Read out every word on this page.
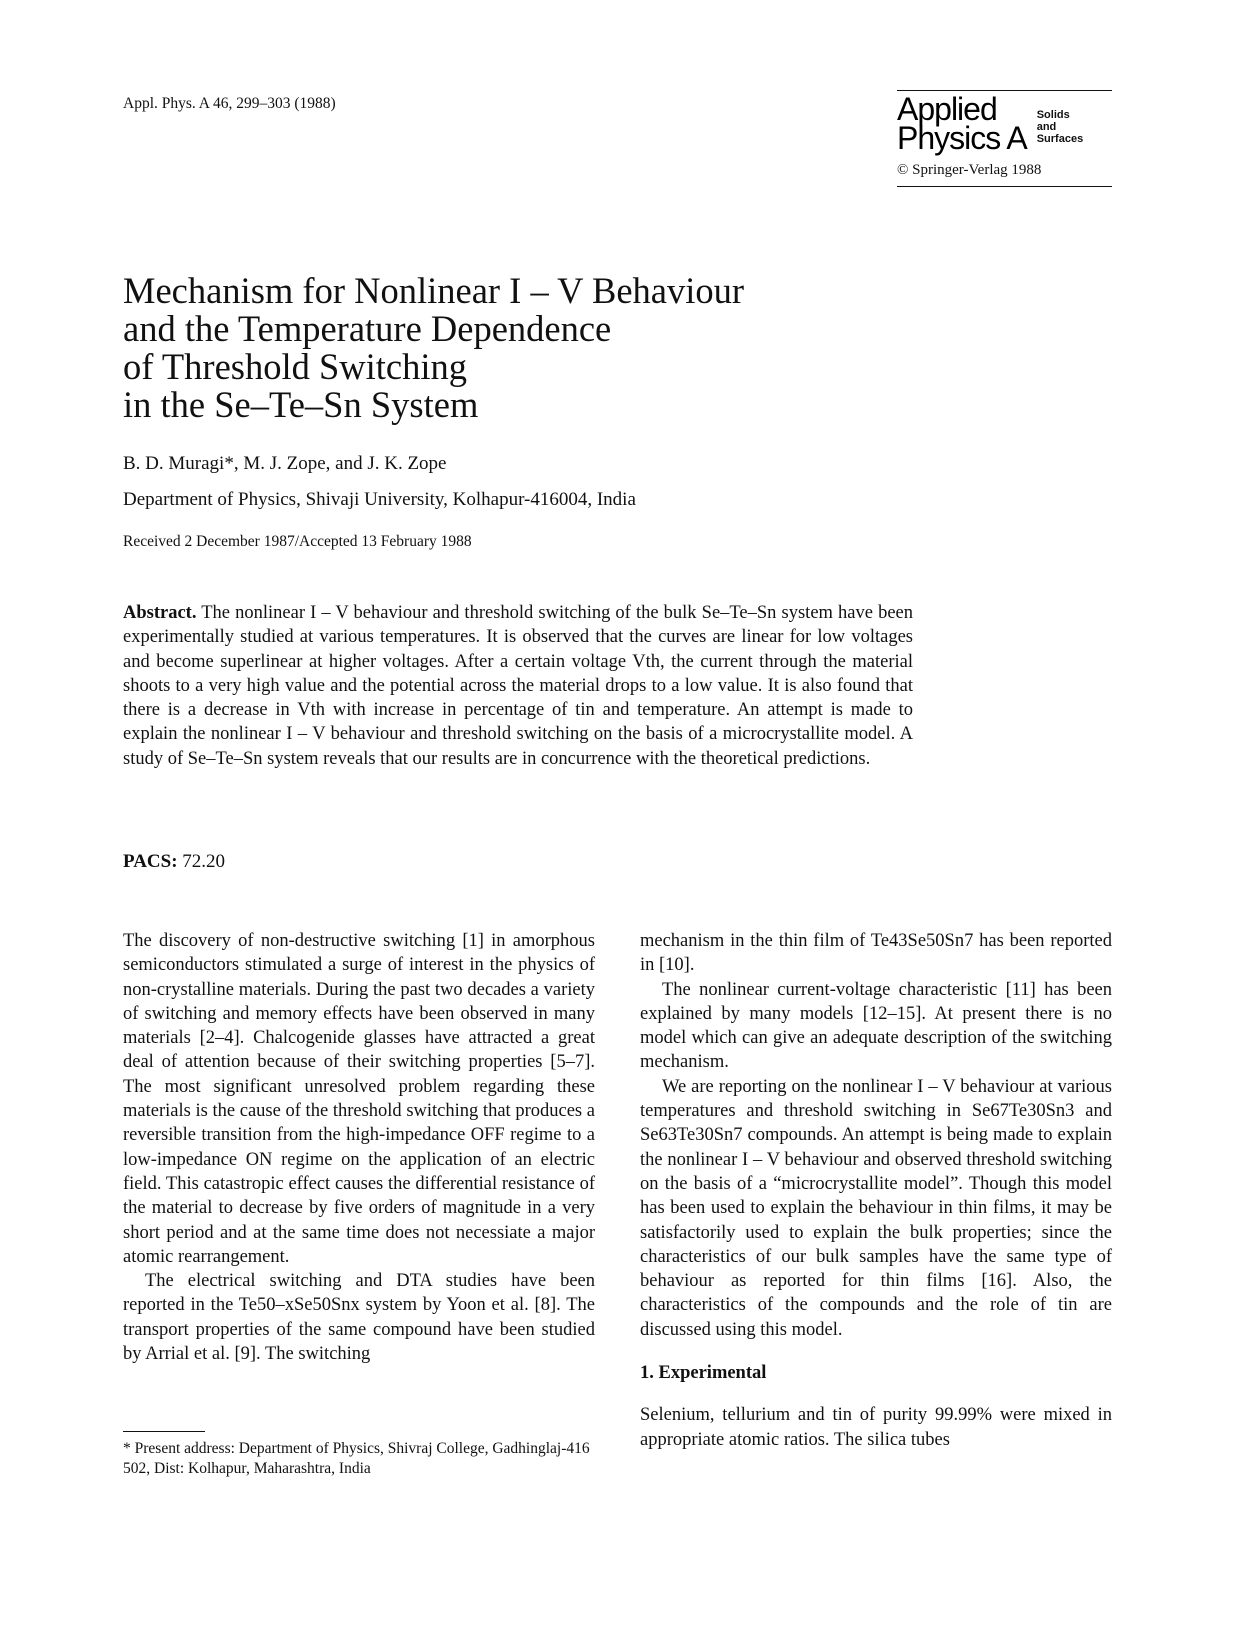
Appl. Phys. A 46, 299–303 (1988)	Applied
Physics A
Solids
and
Surfaces
© Springer-Verlag 1988
Mechanism for Nonlinear I – V Behaviour
and the Temperature Dependence
of Threshold Switching
in the Se–Te–Sn System
B. D. Muragi*, M. J. Zope, and J. K. Zope
Department of Physics, Shivaji University, Kolhapur-416004, India
Received 2 December 1987/Accepted 13 February 1988

Abstract. The nonlinear I – V behaviour and threshold switching of the bulk Se–Te–Sn system have been experimentally studied at various temperatures. It is observed that the curves are linear for low voltages and become superlinear at higher voltages. After a certain voltage Vth, the current through the material shoots to a very high value and the potential across the material drops to a low value. It is also found that there is a decrease in Vth with increase in percentage of tin and temperature. An attempt is made to explain the nonlinear I – V behaviour and threshold switching on the basis of a microcrystallite model. A study of Se–Te–Sn system reveals that our results are in concurrence with the theoretical predictions.

PACS: 72.20

The discovery of non-destructive switching [1] in amorphous semiconductors stimulated a surge of interest in the physics of non-crystalline materials. During the past two decades a variety of switching and memory effects have been observed in many materials [2–4]. Chalcogenide glasses have attracted a great deal of attention because of their switching properties [5–7]. The most significant unresolved problem regarding these materials is the cause of the threshold switching that produces a reversible transition from the high-impedance OFF regime to a low-impedance ON regime on the application of an electric field. This catastropic effect causes the differential resistance of the material to decrease by five orders of magnitude in a very short period and at the same time does not necessiate a major atomic rearrangement.

The electrical switching and DTA studies have been reported in the Te50–xSe50Snx system by Yoon et al. [8]. The transport properties of the same compound have been studied by Arrial et al. [9]. The switching

mechanism in the thin film of Te43Se50Sn7 has been reported in [10].

The nonlinear current-voltage characteristic [11] has been explained by many models [12–15]. At present there is no model which can give an adequate description of the switching mechanism.

We are reporting on the nonlinear I – V behaviour at various temperatures and threshold switching in Se67Te30Sn3 and Se63Te30Sn7 compounds. An attempt is being made to explain the nonlinear I – V behaviour and observed threshold switching on the basis of a “microcrystallite model”. Though this model has been used to explain the behaviour in thin films, it may be satisfactorily used to explain the bulk properties; since the characteristics of our bulk samples have the same type of behaviour as reported for thin films [16]. Also, the characteristics of the compounds and the role of tin are discussed using this model.

1. Experimental

Selenium, tellurium and tin of purity 99.99% were mixed in appropriate atomic ratios. The silica tubes

* Present address: Department of Physics, Shivraj College, Gadhinglaj-416 502, Dist: Kolhapur, Maharashtra, India
